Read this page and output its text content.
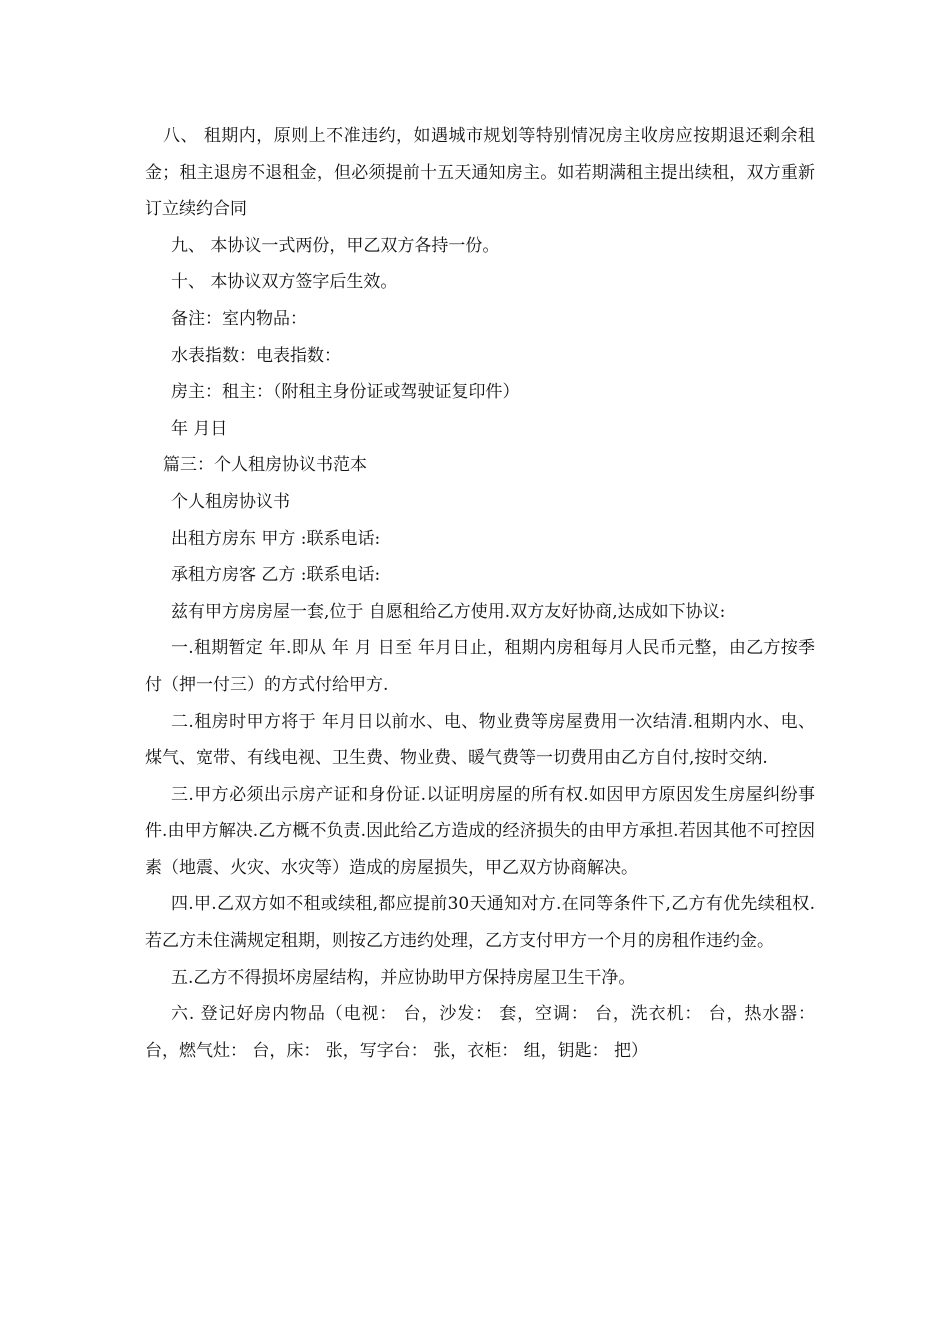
八、 租期内，原则上不准违约，如遇城市规划等特别情况房主收房应按期退还剩余租金；租主退房不退租金，但必须提前十五天通知房主。如若期满租主提出续租，双方重新订立续约合同

九、 本协议一式两份，甲乙双方各持一份。

十、 本协议双方签字后生效。

备注：室内物品：

水表指数：电表指数：

房主：租主：（附租主身份证或驾驶证复印件）

年 月日

篇三：个人租房协议书范本

个人租房协议书

出租方房东 甲方 :联系电话:

承租方房客 乙方 :联系电话:

兹有甲方房房屋一套,位于 自愿租给乙方使用.双方友好协商,达成如下协议:

一.租期暂定 年.即从 年 月 日至 年月日止，租期内房租每月人民币元整，由乙方按季付（押一付三）的方式付给甲方.

二.租房时甲方将于 年月日以前水、电、物业费等房屋费用一次结清.租期内水、电、煤气、宽带、有线电视、卫生费、物业费、暖气费等一切费用由乙方自付,按时交纳.

三.甲方必须出示房产证和身份证.以证明房屋的所有权.如因甲方原因发生房屋纠纷事件.由甲方解决.乙方概不负责.因此给乙方造成的经济损失的由甲方承担.若因其他不可控因素（地震、火灾、水灾等）造成的房屋损失，甲乙双方协商解决。

四.甲.乙双方如不租或续租,都应提前30天通知对方.在同等条件下,乙方有优先续租权.若乙方未住满规定租期，则按乙方违约处理，乙方支付甲方一个月的房租作违约金。

五.乙方不得损坏房屋结构，并应协助甲方保持房屋卫生干净。

六. 登记好房内物品（电视： 台，沙发： 套，空调： 台，洗衣机： 台，热水器： 台，燃气灶： 台，床： 张，写字台： 张，衣柜： 组，钥匙： 把）
